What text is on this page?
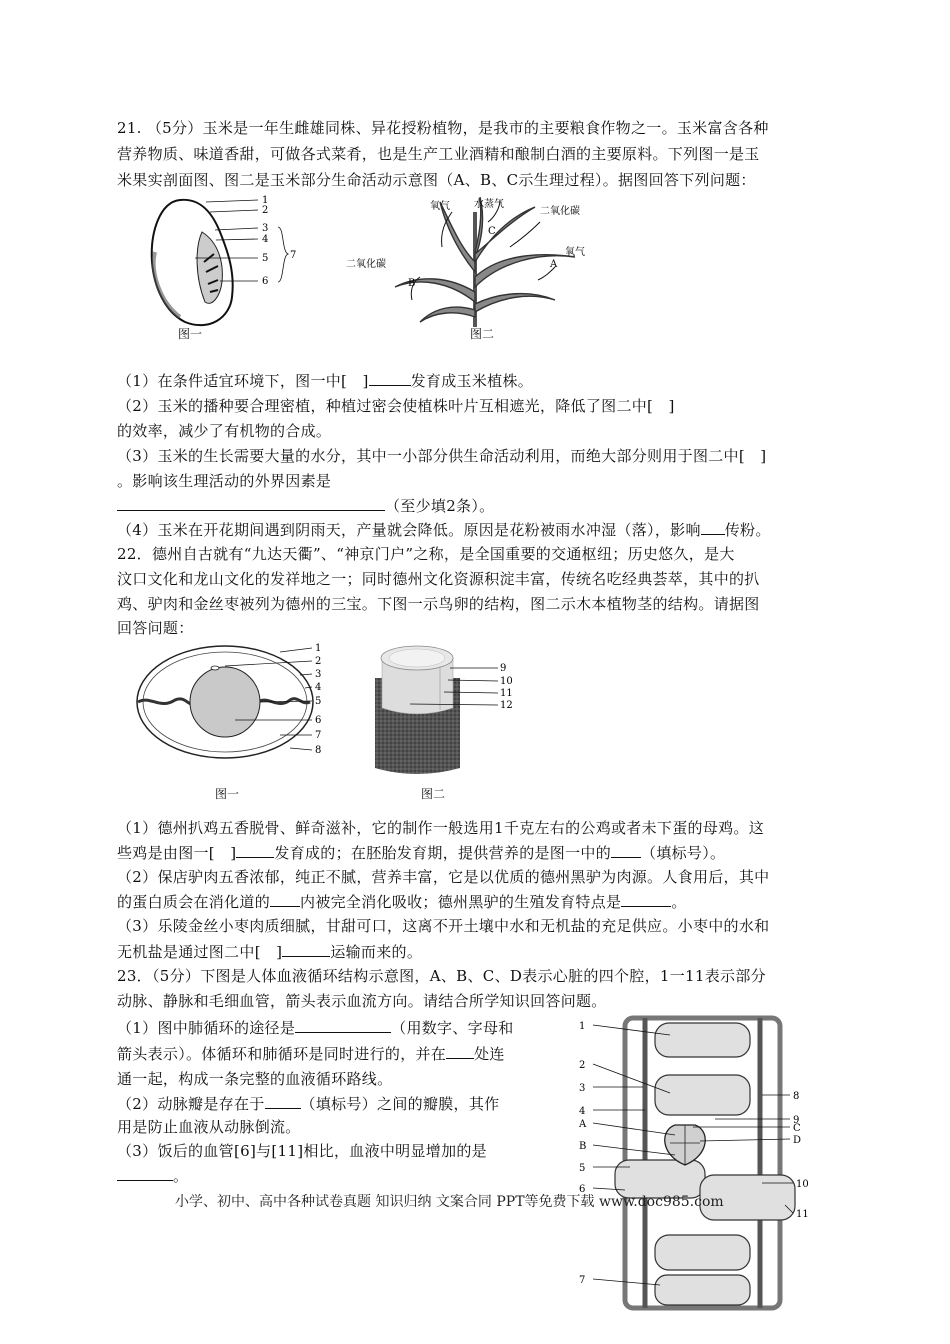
21. （5分）玉米是一年生雌雄同株、异花授粉植物，是我市的主要粮食作物之一。玉米富含各种
营养物质、味道香甜，可做各式菜肴，也是生产工业酒精和酿制白酒的主要原料。下列图一是玉
米果实剖面图、图二是玉米部分生命活动示意图（A、B、C示生理过程）。据图回答下列问题：
1
2
3
4
5
6
7
图一
氧气 水蒸气
二氧化碳
C
氧气
A
二氧化碳
B
图二
（1）在条件适宜环境下，图一中[　]	发育成玉米植株。
（2）玉米的播种要合理密植，种植过密会使植株叶片互相遮光，降低了图二中[　]
的效率，减少了有机物的合成。
（3）玉米的生长需要大量的水分，其中一小部分供生命活动利用，而绝大部分则用于图二中[　]
。影响该生理活动的外界因素是
（至少填2条）。
（4）玉米在开花期间遇到阴雨天，产量就会降低。原因是花粉被雨水冲湿（落），影响 传粉。
22．德州自古就有“九达天衢”、“神京门户”之称，是全国重要的交通枢纽；历史悠久，是大
汶口文化和龙山文化的发祥地之一；同时德州文化资源积淀丰富，传统名吃经典荟萃，其中的扒
鸡、驴肉和金丝枣被列为德州的三宝。下图一示鸟卵的结构，图二示木本植物茎的结构。请据图
回答问题：
1
2
3
4
5
6
7
8
图一
9
10
11
12
图二
（1）德州扒鸡五香脱骨、鲜奇滋补，它的制作一般选用1千克左右的公鸡或者未下蛋的母鸡。这
些鸡是由图一[　]	发育成的；在胚胎发育期，提供营养的是图一中的 （填标号）。
（2）保店驴肉五香浓郁，纯正不腻，营养丰富，它是以优质的德州黑驴为肉源。人食用后，其中
的蛋白质会在消化道的 内被完全消化吸收；德州黑驴的生殖发育特点是	。
（3）乐陵金丝小枣肉质细腻，甘甜可口，这离不开土壤中水和无机盐的充足供应。小枣中的水和
无机盐是通过图二中[　]	运输而来的。
23．（5分）下图是人体血液循环结构示意图，A、B、C、D表示心脏的四个腔，1一11表示部分
动脉、静脉和毛细血管，箭头表示血流方向。请结合所学知识回答问题。
（1）图中肺循环的途径是	（用数字、字母和
箭头表示）。体循环和肺循环是同时进行的，并在 处连
通一起，构成一条完整的血液循环路线。
（2）动脉瓣是存在于 （填标号）之间的瓣膜，其作
用是防止血液从动脉倒流。
（3）饭后的血管[6]与[11]相比，血液中明显增加的是
。
1
2
3
4
A
B
5
6
7
8
9
C
D
10
11
小学、初中、高中各种试卷真题 知识归纳 文案合同 PPT等免费下载 www.doc985.com
